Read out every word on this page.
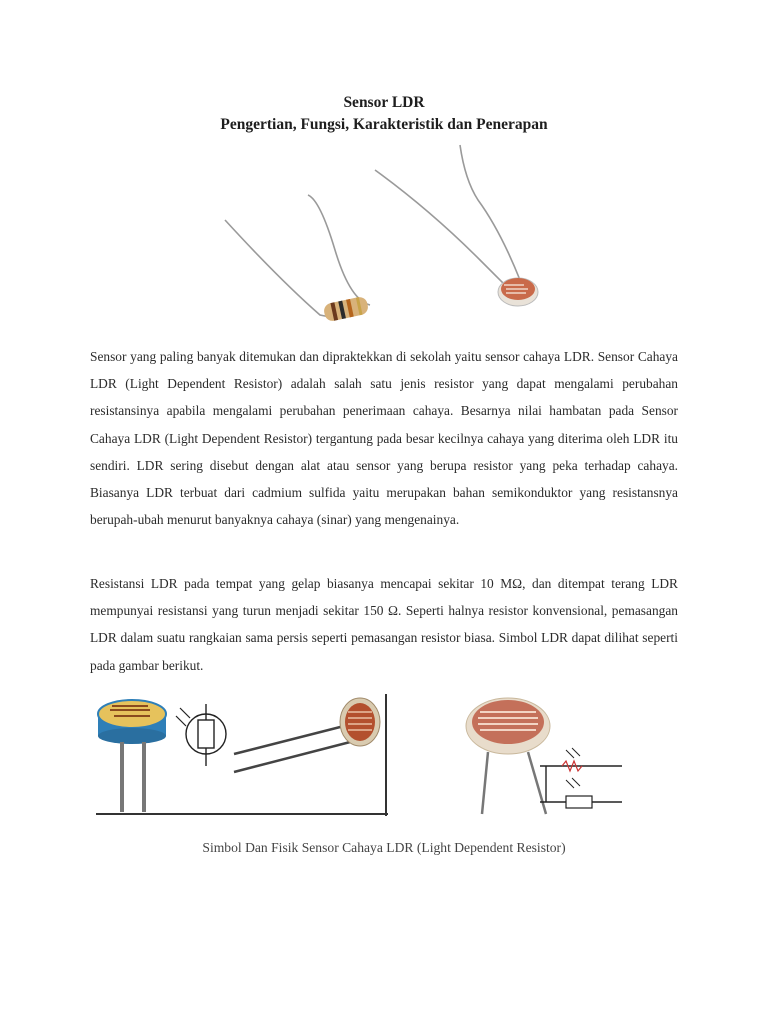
Sensor LDR
Pengertian, Fungsi, Karakteristik dan Penerapan
Sensor yang paling banyak ditemukan dan dipraktekkan di sekolah yaitu sensor cahaya LDR. Sensor Cahaya LDR (Light Dependent Resistor) adalah salah satu jenis resistor yang dapat mengalami perubahan resistansinya apabila mengalami perubahan penerimaan cahaya. Besarnya nilai hambatan pada Sensor Cahaya LDR (Light Dependent Resistor) tergantung pada besar kecilnya cahaya yang diterima oleh LDR itu sendiri. LDR sering disebut dengan alat atau sensor yang berupa resistor yang peka terhadap cahaya. Biasanya LDR terbuat dari cadmium sulfida yaitu merupakan bahan semikonduktor yang resistansnya berupah-ubah menurut banyaknya cahaya (sinar) yang mengenainya.
Resistansi LDR pada tempat yang gelap biasanya mencapai sekitar 10 MΩ, dan ditempat terang LDR mempunyai resistansi yang turun menjadi sekitar 150 Ω. Seperti halnya resistor konvensional, pemasangan LDR dalam suatu rangkaian sama persis seperti pemasangan resistor biasa. Simbol LDR dapat dilihat seperti pada gambar berikut.
Simbol Dan Fisik Sensor Cahaya LDR (Light Dependent Resistor)
